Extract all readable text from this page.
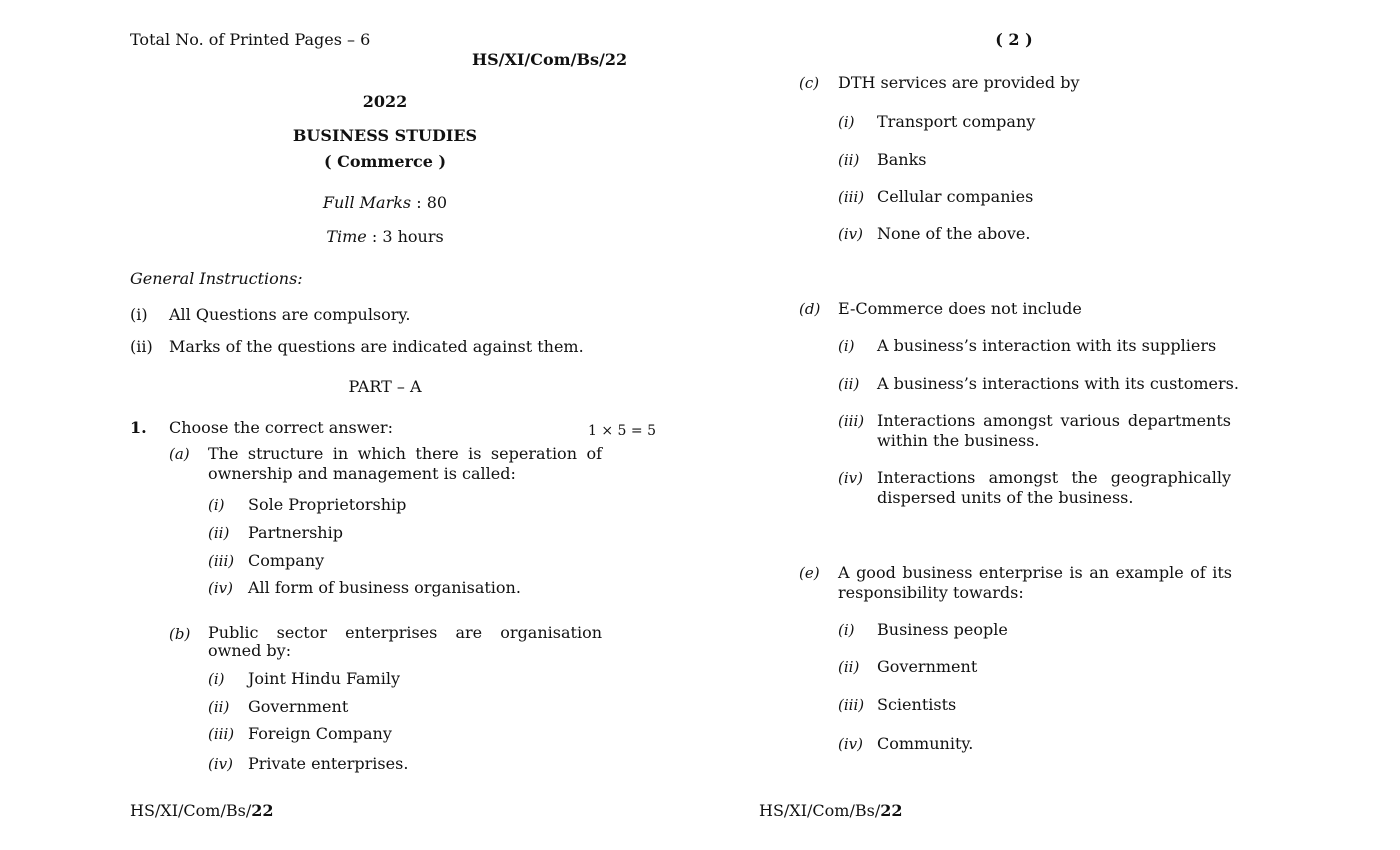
Total No. of Printed Pages – 6
HS/XI/Com/Bs/22
2022
BUSINESS STUDIES
( Commerce )
Full Marks : 80
Time : 3 hours
General Instructions:
(i) All Questions are compulsory.
(ii) Marks of the questions are indicated against them.
PART – A
1. Choose the correct answer:	1 × 5 = 5
(a) The structure in which there is seperation of ownership and management is called:
(i) Sole Proprietorship
(ii) Partnership
(iii) Company
(iv) All form of business organisation.
(b) Public sector enterprises are organisation owned by:
(i) Joint Hindu Family
(ii) Government
(iii) Foreign Company
(iv) Private enterprises.
HS/XI/Com/Bs/22
( 2 )
(c) DTH services are provided by
(i) Transport company
(ii) Banks
(iii) Cellular companies
(iv) None of the above.
(d) E-Commerce does not include
(i) A business’s interaction with its suppliers
(ii) A business’s interactions with its customers.
(iii) Interactions amongst various departments within the business.
(iv) Interactions amongst the geographically dispersed units of the business.
(e) A good business enterprise is an example of its responsibility towards:
(i) Business people
(ii) Government
(iii) Scientists
(iv) Community.
HS/XI/Com/Bs/22
